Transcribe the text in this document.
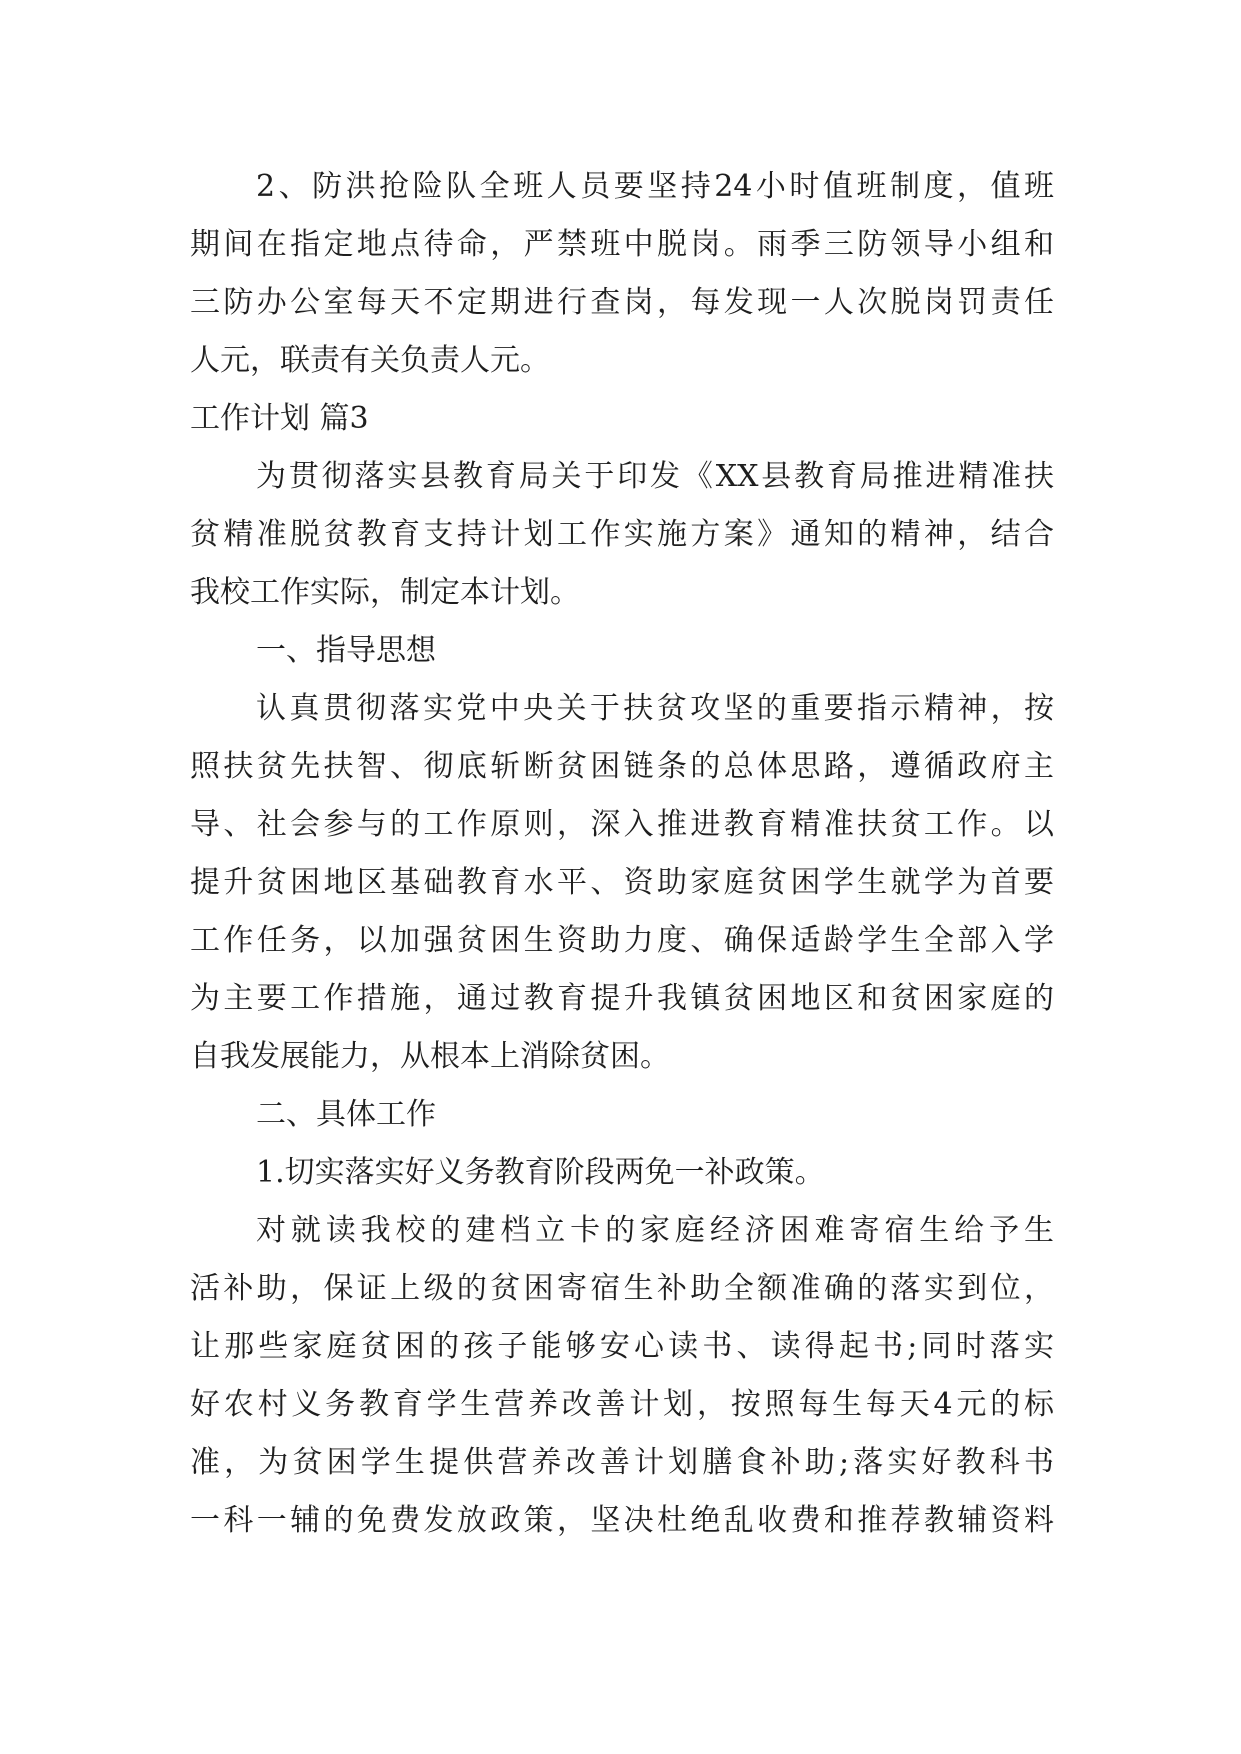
2、防洪抢险队全班人员要坚持24小时值班制度，值班

期间在指定地点待命，严禁班中脱岗。雨季三防领导小组和

三防办公室每天不定期进行查岗，每发现一人次脱岗罚责任

人元，联责有关负责人元。

工作计划 篇3

为贯彻落实县教育局关于印发《XX县教育局推进精准扶

贫精准脱贫教育支持计划工作实施方案》通知的精神，结合

我校工作实际，制定本计划。

一、指导思想

认真贯彻落实党中央关于扶贫攻坚的重要指示精神，按

照扶贫先扶智、彻底斩断贫困链条的总体思路，遵循政府主

导、社会参与的工作原则，深入推进教育精准扶贫工作。以

提升贫困地区基础教育水平、资助家庭贫困学生就学为首要

工作任务，以加强贫困生资助力度、确保适龄学生全部入学

为主要工作措施，通过教育提升我镇贫困地区和贫困家庭的

自我发展能力，从根本上消除贫困。

二、具体工作

1.切实落实好义务教育阶段两免一补政策。

对就读我校的建档立卡的家庭经济困难寄宿生给予生

活补助，保证上级的贫困寄宿生补助全额准确的落实到位，

让那些家庭贫困的孩子能够安心读书、读得起书;同时落实

好农村义务教育学生营养改善计划，按照每生每天4元的标

准，为贫困学生提供营养改善计划膳食补助;落实好教科书

一科一辅的免费发放政策，坚决杜绝乱收费和推荐教辅资料
